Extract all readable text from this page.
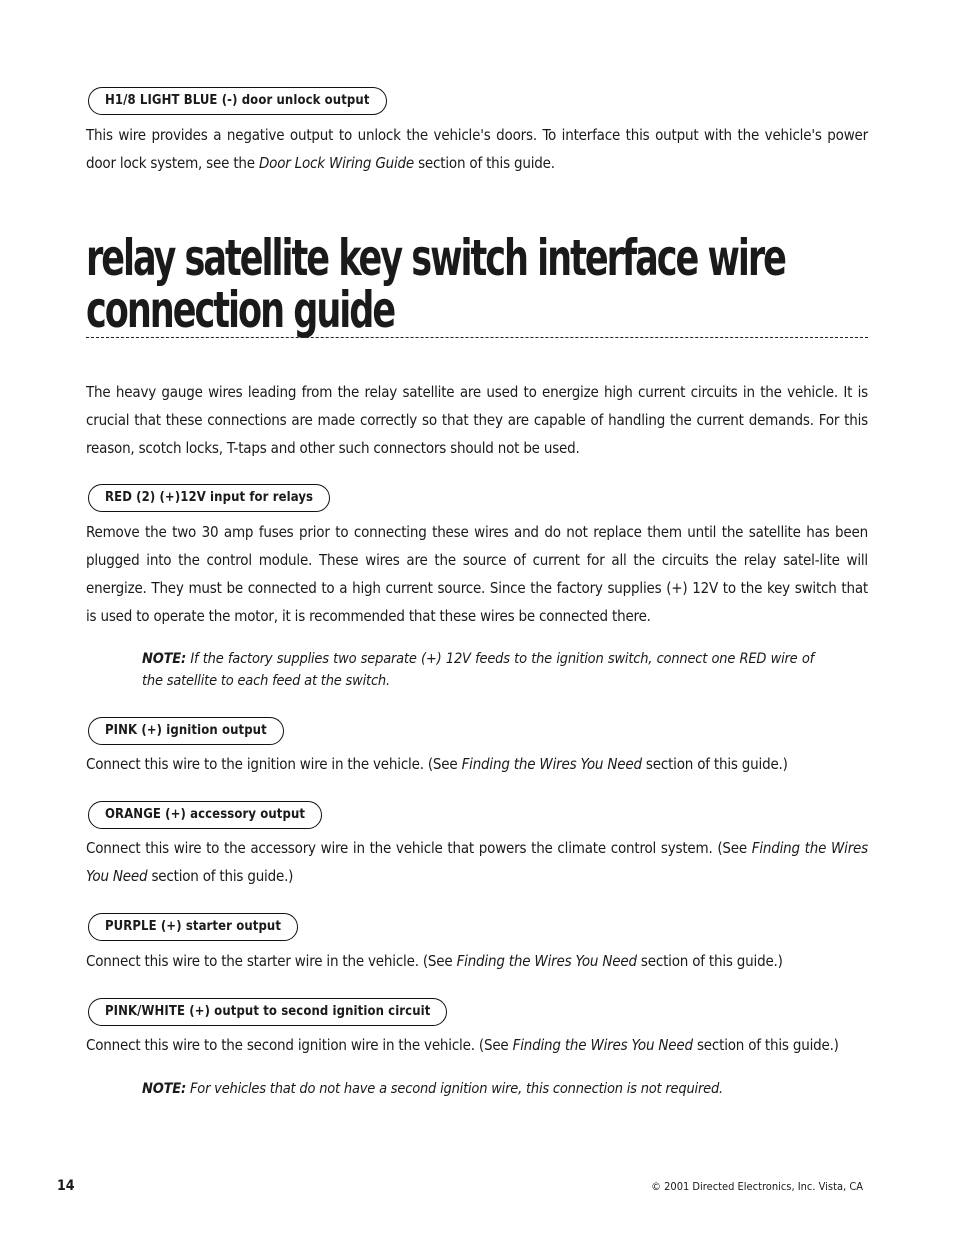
H1/8 LIGHT BLUE (-) door unlock output

This wire provides a negative output to unlock the vehicle's doors. To interface this output with the vehicle's power door lock system, see the Door Lock Wiring Guide section of this guide.

relay satellite key switch interface wire
connection guide

The heavy gauge wires leading from the relay satellite are used to energize high current circuits in the vehicle. It is crucial that these connections are made correctly so that they are capable of handling the current demands. For this reason, scotch locks, T-taps and other such connectors should not be used.

RED (2) (+)12V input for relays

Remove the two 30 amp fuses prior to connecting these wires and do not replace them until the satellite has been plugged into the control module. These wires are the source of current for all the circuits the relay satel-lite will energize. They must be connected to a high current source. Since the factory supplies (+) 12V to the key switch that is used to operate the motor, it is recommended that these wires be connected there.

NOTE: If the factory supplies two separate (+) 12V feeds to the ignition switch, connect one RED wire of the satellite to each feed at the switch.

PINK (+) ignition output

Connect this wire to the ignition wire in the vehicle. (See Finding the Wires You Need section of this guide.)

ORANGE (+) accessory output

Connect this wire to the accessory wire in the vehicle that powers the climate control system. (See Finding the Wires You Need section of this guide.)

PURPLE (+) starter output

Connect this wire to the starter wire in the vehicle. (See Finding the Wires You Need section of this guide.)

PINK/WHITE (+) output to second ignition circuit

Connect this wire to the second ignition wire in the vehicle. (See Finding the Wires You Need section of this guide.)

NOTE: For vehicles that do not have a second ignition wire, this connection is not required.

14	© 2001 Directed Electronics, Inc. Vista, CA
